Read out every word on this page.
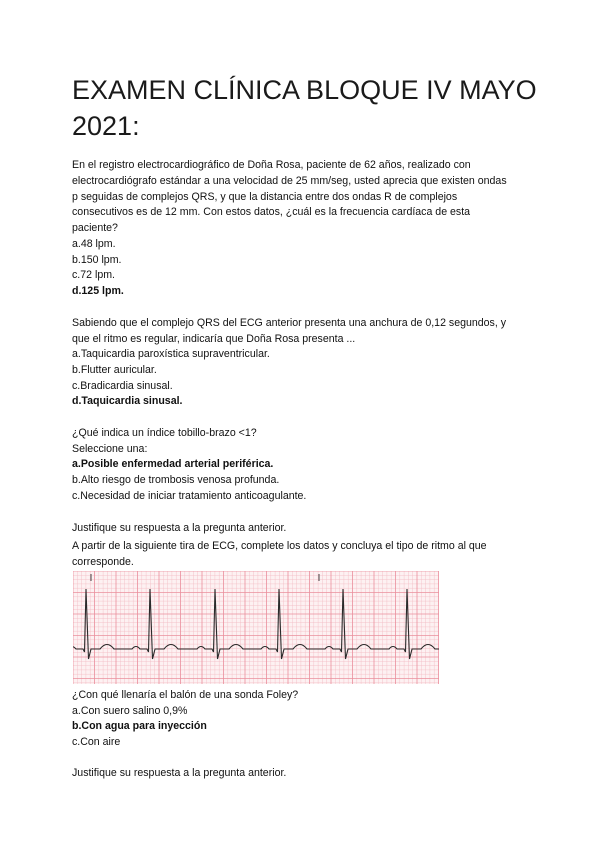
EXAMEN CLÍNICA BLOQUE IV MAYO 2021:
En el registro electrocardiográfico de Doña Rosa, paciente de 62 años, realizado con
electrocardiógrafo estándar a una velocidad de 25 mm/seg, usted aprecia que existen ondas
p seguidas de complejos QRS, y que la distancia entre dos ondas R de complejos
consecutivos es de 12 mm. Con estos datos, ¿cuál es la frecuencia cardíaca de esta
paciente?
a.48 lpm.
b.150 lpm.
c.72 lpm.
d.125 lpm.
Sabiendo que el complejo QRS del ECG anterior presenta una anchura de 0,12 segundos, y
que el ritmo es regular, indicaría que Doña Rosa presenta ...
a.Taquicardia paroxística supraventricular.
b.Flutter auricular.
c.Bradicardia sinusal.
d.Taquicardia sinusal.
¿Qué indica un índice tobillo-brazo <1?
Seleccione una:
a.Posible enfermedad arterial periférica.
b.Alto riesgo de trombosis venosa profunda.
c.Necesidad de iniciar tratamiento anticoagulante.
Justifique su respuesta a la pregunta anterior.
A partir de la siguiente tira de ECG, complete los datos y concluya el tipo de ritmo al que
corresponde.
¿Con qué llenaría el balón de una sonda Foley?
a.Con suero salino 0,9%
b.Con agua para inyección
c.Con aire
Justifique su respuesta a la pregunta anterior.
